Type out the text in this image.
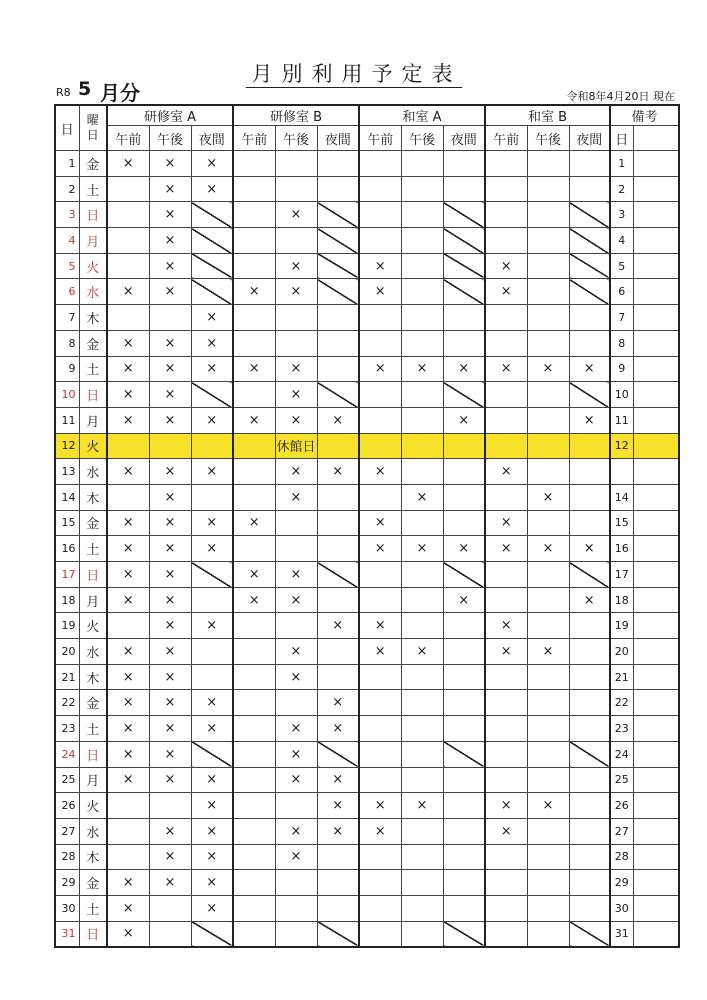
月別利用予定表
R8 5 月分	令和8年4月20日 現在
日	曜日	研修室 A			研修室 B			和室 A			和室 B			備考	
		午前	午後	夜間	午前	午後	夜間	午前	午後	夜間	午前	午後	夜間	日	
1	金	×	×	×										1	
2	土		×	×										2	
3	日		×			×								3	
4	月		×											4	
5	火		×			×		×			×			5	
6	水	×	×		×	×		×			×			6	
7	木			×										7	
8	金	×	×	×										8	
9	土	×	×	×	×	×		×	×	×	×	×	×	9	
10	日	×	×			×								10	
11	月	×	×	×	×	×	×			×			×	11	
12	火					休館日								12	
13	水	×	×	×		×	×	×			×				
14	木		×			×			×			×		14	
15	金	×	×	×	×			×			×			15	
16	土	×	×	×				×	×	×	×	×	×	16	
17	日	×	×		×	×								17	
18	月	×	×		×	×				×			×	18	
19	火		×	×			×	×			×			19	
20	水	×	×			×		×	×		×	×		20	
21	木	×	×			×								21	
22	金	×	×	×			×							22	
23	土	×	×	×		×	×							23	
24	日	×	×			×								24	
25	月	×	×	×		×	×							25	
26	火			×			×	×	×		×	×		26	
27	水		×	×		×	×	×			×			27	
28	木		×	×		×								28	
29	金	×	×	×										29	
30	土	×		×										30	
31	日	×												31	
